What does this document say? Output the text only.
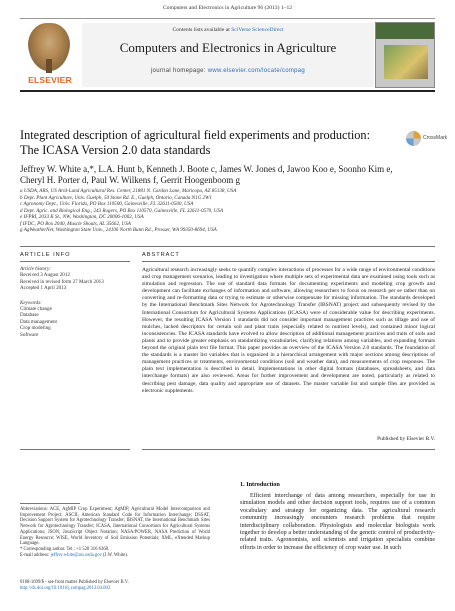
Computers and Electronics in Agriculture 96 (2013) 1–12
ELSEVIER
Contents lists available at SciVerse ScienceDirect
Computers and Electronics in Agriculture
journal homepage: www.elsevier.com/locate/compag
Integrated description of agricultural field experiments and production:
The ICASA Version 2.0 data standards
CrossMark
Jeffrey W. White a,*, L.A. Hunt b, Kenneth J. Boote c, James W. Jones d, Jawoo Koo e, Soonho Kim e,
Cheryl H. Porter d, Paul W. Wilkens f, Gerrit Hoogenboom g
a USDA, ARS, US Arid-Land Agricultural Res. Center, 21881 N. Cardon Lane, Maricopa, AZ 85138, USA
b Dept. Plant Agriculture, Univ. Guelph, 50 Stone Rd. E., Guelph, Ontario, Canada N1G 2W1
c Agronomy Dept., Univ. Florida, PO Box 110500, Gainesville, FL 32611-0500, USA
d Dept. Agric. and Biological Eng., 243 Rogers, PO Box 110570, Gainesville, FL 32611-0570, USA
e IFPRI, 2033 K St., NW, Washington, DC 20006-1002, USA
f IFDC, PO Box 2040, Muscle Shoals, AL 35662, USA
g AgWeatherNet, Washington State Univ., 24106 North Bunn Rd., Prosser, WA 99350-8694, USA
ARTICLE INFO	ABSTRACT
Article history:
Received 3 August 2012
Received in revised form 27 March 2013
Accepted 1 April 2013
Keywords:
Climate change
Database
Data management
Crop modeling
Software
Agricultural research increasingly seeks to quantify complex interactions of processes for a wide range of environmental conditions and crop management scenarios, leading to investigation where multiple sets of experimental data are examined using tools such as simulation and regression. The use of standard data formats for documenting experiments and modeling crop growth and development can facilitate exchanges of information and software, allowing researchers to focus on research per se rather than on converting and re-formatting data or trying to estimate or otherwise compensate for missing information. The standards developed by the International Benchmark Sites Network for Agrotechnology Transfer (IBSNAT) project and subsequently revised by the International Consortium for Agricultural Systems Applications (ICASA) were of considerable value for describing experiments. However, the resulting ICASA Version 1 standards did not consider important management practices such as tillage and use of mulches, lacked descriptors for certain soil and plant traits (especially related to nutrient levels), and contained minor logical inconsistencies. The ICASA standards have evolved to allow description of additional management practices and traits of soils and plants and to provide greater emphasis on standardizing vocabularies, clarifying relations among variables, and expanding formats beyond the original plain text file format. This paper provides an overview of the ICASA Version 2.0 standards. The foundation of the standards is a master list variables that is organized in a hierarchical arrangement with major sections among descriptions of management practices or treatments, environmental conditions (soil and weather data), and measurements of crop responses. The plain text implementation is described in detail. Implementations in other digital formats (databases, spreadsheets, and data interchange formats) are also reviewed. Areas for further improvement and development are noted, particularly as related to describing pest damage, data quality and appropriate use of datasets. The master variable list and sample files are provided as electronic supplements.
Published by Elsevier B.V.
Abbreviations: ACE, AgMIP Crop Experiment; AgMIP, Agricultural Model Intercomparison and Improvement Project; ASCII, American Standard Code for Information Interchange; DSSAT, Decision Support System for Agrotechnology Transfer; IBSNAT, the International Benchmark Sites Network for Agrotechnology Transfer; ICASA, International Consortium for Agricultural Systems Applications; JSON, JavaScript Object Notation; NASA/POWER, NASA Prediction of World Energy Resource; WISE, World Inventory of Soil Emission Potentials; XML, eXtended Markup Language.
* Corresponding author. Tel.: +1 520 316 6368.
E-mail address: jeffrey.white@ars.usda.gov (J.W. White).
0168-1699/$ - see front matter Published by Elsevier B.V.
http://dx.doi.org/10.1016/j.compag.2013.04.003
1. Introduction
Efficient interchange of data among researchers, especially for use in simulation models and other decision support tools, requires use of a common vocabulary and strategy for organizing data. The agricultural research community increasingly encounters research problems that require interdisciplinary collaboration. Physiologists and molecular biologists work together to develop a better understanding of the genetic control of productivity-related traits. Agronomists, soil scientists and irrigation specialists combine efforts in order to increase the efficiency of crop water use. In such
